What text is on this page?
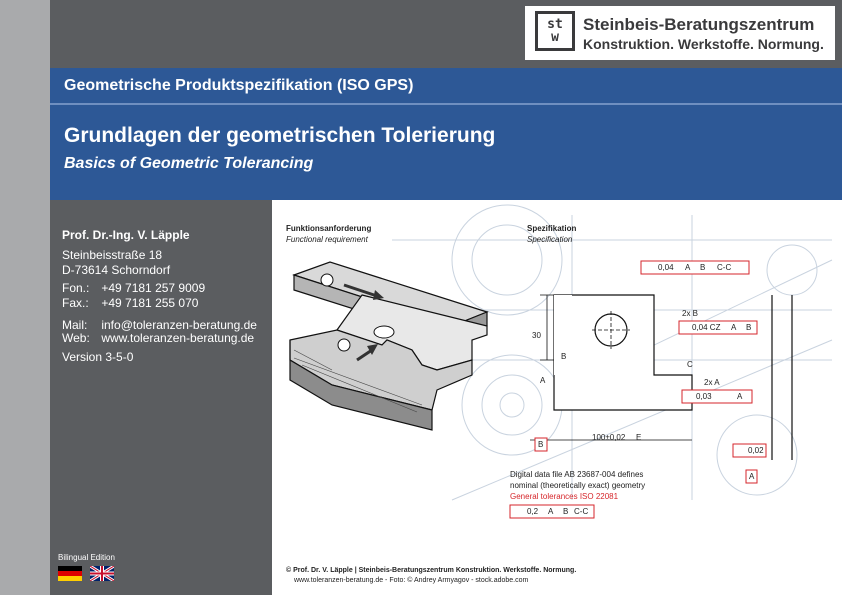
st
w
Steinbeis-Beratungszentrum
Konstruktion. Werkstoffe. Normung.
Geometrische Produktspezifikation (ISO GPS)
Grundlagen der geometrischen Tolerierung
Basics of Geometric Tolerancing
Prof. Dr.-Ing. V. Läpple
Steinbeisstraße 18
D-73614 Schorndorf
Fon.: +49 7181 257 9009
Fax.: +49 7181 255 070
Mail: info@toleranzen-beratung.de
Web: www.toleranzen-beratung.de
Version 3-5-0
Bilingual Edition
Funktionsanforderung
Functional requirement
Spezifikation
Specification
0,04 A B C-C
2x B
0,04 CZ A B
C
2x A
0,03	A
30
B
A
B
100±0,02 E
0,02
A
Digital data file AB 23687-004 defines
nominal (theoretically exact) geometry
General tolerances ISO 22081
0,2 A B C-C
© Prof. Dr. V. Läpple | Steinbeis-Beratungszentrum Konstruktion. Werkstoffe. Normung.
www.toleranzen-beratung.de - Foto: © Andrey Armyagov - stock.adobe.com
